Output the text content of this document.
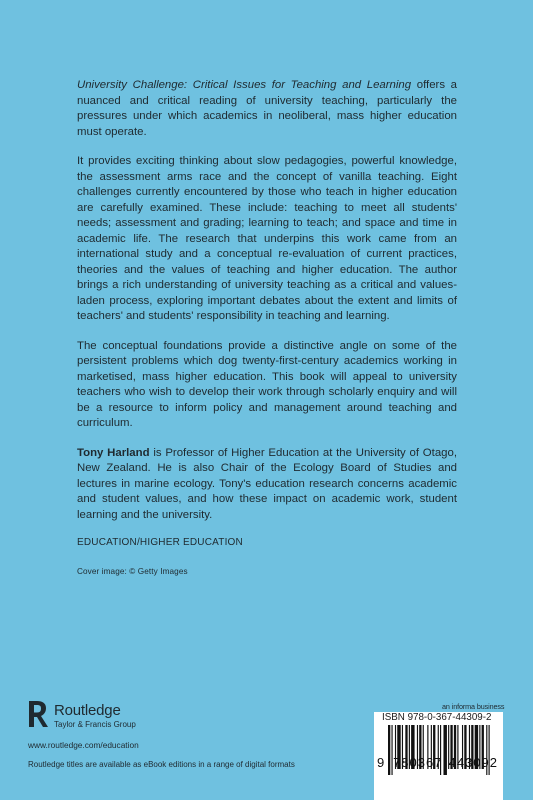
University Challenge: Critical Issues for Teaching and Learning offers a nuanced and critical reading of university teaching, particularly the pressures under which academics in neoliberal, mass higher education must operate.

It provides exciting thinking about slow pedagogies, powerful knowledge, the assessment arms race and the concept of vanilla teaching. Eight challenges currently encountered by those who teach in higher education are carefully examined. These include: teaching to meet all students' needs; assessment and grading; learning to teach; and space and time in academic life. The research that underpins this work came from an international study and a conceptual re-evaluation of current practices, theories and the values of teaching and higher education. The author brings a rich understanding of university teaching as a critical and values-laden process, exploring important debates about the extent and limits of teachers' and students' responsibility in teaching and learning.

The conceptual foundations provide a distinctive angle on some of the persistent problems which dog twenty-first-century academics working in marketised, mass higher education. This book will appeal to university teachers who wish to develop their work through scholarly enquiry and will be a resource to inform policy and management around teaching and curriculum.

Tony Harland is Professor of Higher Education at the University of Otago, New Zealand. He is also Chair of the Ecology Board of Studies and lectures in marine ecology. Tony's education research concerns academic and student values, and how these impact on academic work, student learning and the university.

EDUCATION/HIGHER EDUCATION
Cover image: © Getty Images
Routledge
Taylor & Francis Group
www.routledge.com/education
Routledge titles are available as eBook editions in a range of digital formats
an informa business
ISBN 978-0-367-44309-2
9 780367 443092
